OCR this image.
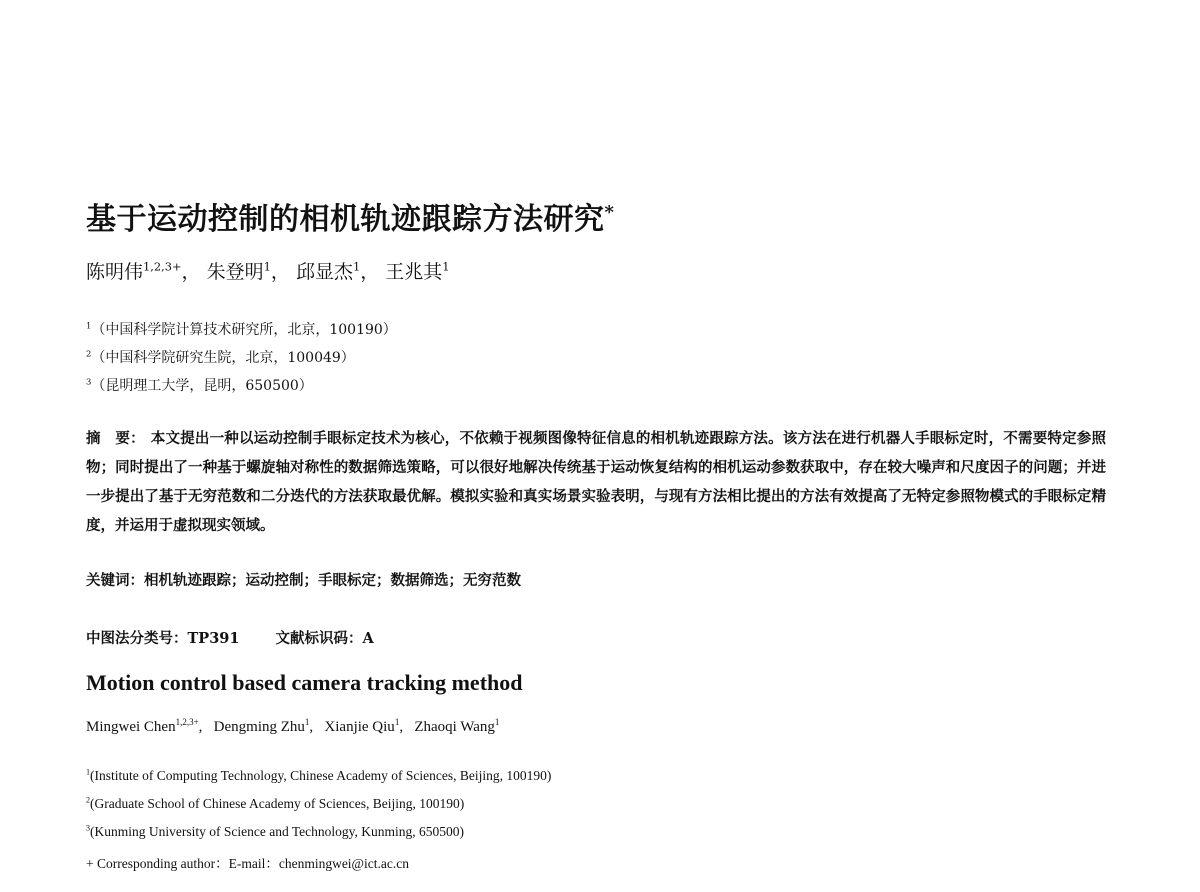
基于运动控制的相机轨迹跟踪方法研究*
陈明伟$^{1,2,3+}$， 朱登明$^1$， 邱显杰$^1$， 王兆其$^1$
$^1$（中国科学院计算技术研究所，北京，100190）
$^2$（中国科学院研究生院，北京，100049）
$^3$（昆明理工大学，昆明，650500）
摘　要： 本文提出一种以运动控制手眼标定技术为核心，不依赖于视频图像特征信息的相机轨迹跟踪方法。该方法在进行机器人手眼标定时，不需要特定参照物；同时提出了一种基于螺旋轴对称性的数据筛选策略，可以很好地解决传统基于运动恢复结构的相机运动参数获取中，存在较大噪声和尺度因子的问题；并进一步提出了基于无穷范数和二分迭代的方法获取最优解。模拟实验和真实场景实验表明，与现有方法相比提出的方法有效提高了无特定参照物模式的手眼标定精度，并运用于虚拟现实领域。
关键词：相机轨迹跟踪；运动控制；手眼标定；数据筛选；无穷范数
中图法分类号：TP391 文献标识码：A
Motion control based camera tracking method
Mingwei Chen$^{1,2,3+}$,   Dengming Zhu$^1$,   Xianjie Qiu$^1$,   Zhaoqi Wang$^1$
$^1$(Institute of Computing Technology, Chinese Academy of Sciences, Beijing, 100190)
$^2$(Graduate School of Chinese Academy of Sciences, Beijing, 100190)
$^3$(Kunming University of Science and Technology, Kunming, 650500)
+ Corresponding author：E-mail：chenmingwei@ict.ac.cn
